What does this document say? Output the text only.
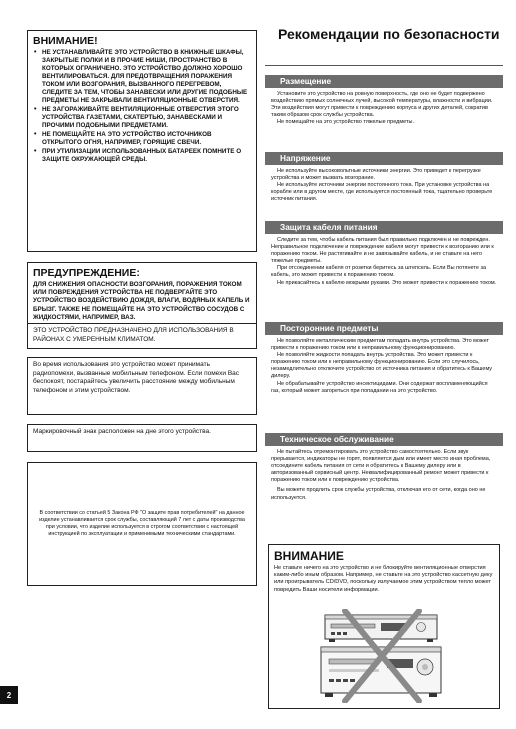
ВНИМАНИЕ!
• НЕ УСТАНАВЛИВАЙТЕ ЭТО УСТРОЙСТВО В КНИЖНЫЕ ШКАФЫ, ЗАКРЫТЫЕ ПОЛКИ И В ПРОЧИЕ НИШИ, ПРОСТРАНСТВО В КОТОРЫХ ОГРАНИЧЕНО. ЭТО УСТРОЙСТВО ДОЛЖНО ХОРОШО ВЕНТИЛИРОВАТЬСЯ. ДЛЯ ПРЕДОТВРАЩЕНИЯ ПОРАЖЕНИЯ ТОКОМ ИЛИ ВОЗГОРАНИЯ, ВЫЗВАННОГО ПЕРЕГРЕВОМ, СЛЕДИТЕ ЗА ТЕМ, ЧТОБЫ ЗАНАВЕСКИ ИЛИ ДРУГИЕ ПОДОБНЫЕ ПРЕДМЕТЫ НЕ ЗАКРЫВАЛИ ВЕНТИЛЯЦИОННЫЕ ОТВЕРСТИЯ.
• НЕ ЗАГОРАЖИВАЙТЕ ВЕНТИЛЯЦИОННЫЕ ОТВЕРСТИЯ ЭТОГО УСТРОЙСТВА ГАЗЕТАМИ, СКАТЕРТЬЮ, ЗАНАВЕСКАМИ И ПРОЧИМИ ПОДОБНЫМИ ПРЕДМЕТАМИ.
• НЕ ПОМЕЩАЙТЕ НА ЭТО УСТРОЙСТВО ИСТОЧНИКОВ ОТКРЫТОГО ОГНЯ, НАПРИМЕР, ГОРЯЩИЕ СВЕЧИ.
• ПРИ УТИЛИЗАЦИИ ИСПОЛЬЗОВАННЫХ БАТАРЕЕК ПОМНИТЕ О ЗАЩИТЕ ОКРУЖАЮЩЕЙ СРЕДЫ.
ПРЕДУПРЕЖДЕНИЕ:

ДЛЯ СНИЖЕНИЯ ОПАСНОСТИ ВОЗГОРАНИЯ, ПОРАЖЕНИЯ ТОКОМ ИЛИ ПОВРЕЖДЕНИЯ УСТРОЙСТВА НЕ ПОДВЕРГАЙТЕ ЭТО УСТРОЙСТВО ВОЗДЕЙСТВИЮ ДОЖДЯ, ВЛАГИ, ВОДЯНЫХ КАПЕЛЬ И БРЫЗГ. ТАКЖЕ НЕ ПОМЕЩАЙТЕ НА ЭТО УСТРОЙСТВО СОСУДОВ С ЖИДКОСТЯМИ, НАПРИМЕР, ВАЗ.

ЭТО УСТРОЙСТВО ПРЕДНАЗНАЧЕНО ДЛЯ ИСПОЛЬЗОВАНИЯ В РАЙОНАХ С УМЕРЕННЫМ КЛИМАТОМ.

Во время использования это устройство может принимать радиопомехи, вызванные мобильным телефоном. Если помехи Вас беспокоят, постарайтесь увеличить расстояние между мобильным телефоном и этим устройством.

Маркировочный знак расположен на дне этого устройства.

В соответствии со статьей 5 Закона РФ "О защите прав потребителей" на данное изделие устанавливается срок службы, составляющий 7 лет с даты производства при условии, что изделие используется в строгом соответствии с настоящей инструкцией по эксплуатации и применимыми техническими стандартами.

2
Рекомендации по безопасности
Размещение

Установите это устройство на ровную поверхность, где оно не будет подвержено воздействию прямых солнечных лучей, высокой температуры, влажности и вибрации. Эти воздействия могут привести к повреждению корпуса и других деталей, сократив таким образом срок службы устройства.

Не помещайте на это устройство тяжелые предметы.

Напряжение

Не используйте высоковольтные источники энергии. Это приведет к перегрузке устройства и может вызвать возгорание.

Не используйте источники энергии постоянного тока. При установке устройства на корабле или в другом месте, где используется постоянный тока, тщательно проверьте источник питания.

Защита кабеля питания

Следите за тем, чтобы кабель питания был правильно подключен и не поврежден. Неправильное подключение и повреждение кабеля могут привести к возгоранию или к поражению током. Не растягивайте и не завязывайте кабель, и не ставьте на него тяжелые предметы.

При отсоединении кабеля от розетки беритесь за штепсель. Если Вы потянете за кабель, это может привести к поражению током.

Не прикасайтесь к кабелю мокрыми руками. Это может привести к поражению током.

Посторонние предметы

Не позволяйте металлическим предметам попадать внутрь устройства. Это может привести к поражению током или к неправильному функционированию.

Не позволяйте жидкости попадать внутрь устройства. Это может привести к поражению током или к неправильному функционированию. Если это случилось, незамедлительно отключите устройство от источника питания и обратитесь к Вашему дилеру.

Не обрабатывайте устройство инсектицидами. Они содержат воспламеняющийся газ, который может загореться при попадании на это устройство.

Техническое обслуживание

Не пытайтесь отремонтировать это устройство самостоятельно. Если звук прерывается, индикаторы не горят, появляется дым или имеет место иная проблема, отсоедините кабель питания от сети и обратитесь к Вашему дилеру или в авторизованный сервисный центр. Неквалифицированный ремонт может привести к поражению током или к повреждению устройства.

Вы можете продлить срок службы устройства, отключая его от сети, когда оно не используется.

ВНИМАНИЕ

Не ставьте ничего на это устройство и не блокируйте вентиляционные отверстия каким-либо иным образом. Например, не ставьте на это устройство кассетную деку или проигрыватель CD/DVD, поскольку излучаемое этим устройством тепло может повредить Ваши носители информации.
